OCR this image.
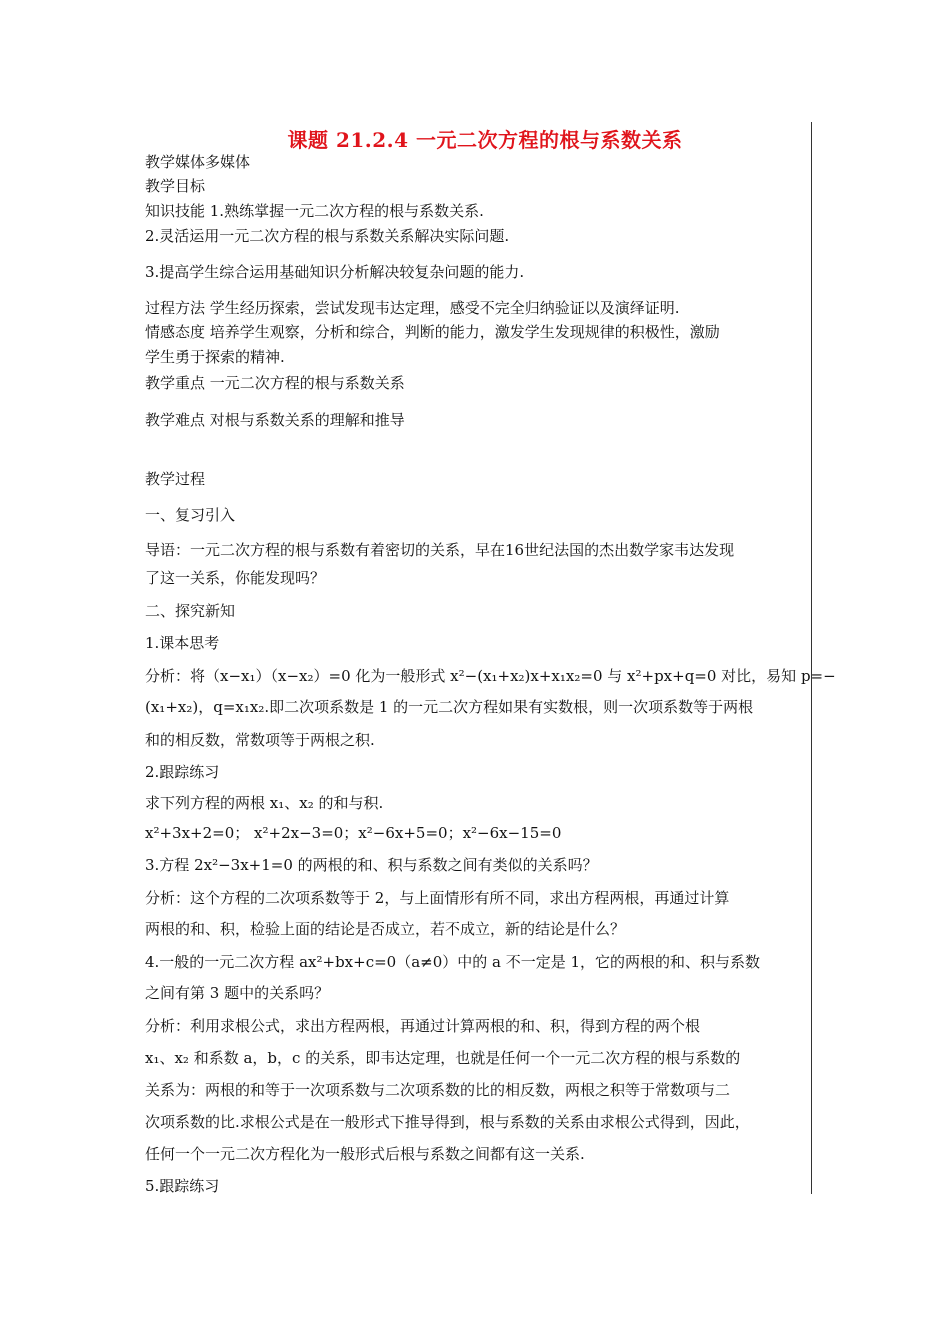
课题 21.2.4 一元二次方程的根与系数关系
教学媒体多媒体
教学目标
知识技能 1.熟练掌握一元二次方程的根与系数关系.
2.灵活运用一元二次方程的根与系数关系解决实际问题.
3.提高学生综合运用基础知识分析解决较复杂问题的能力.
过程方法 学生经历探索，尝试发现韦达定理，感受不完全归纳验证以及演绎证明.
情感态度 培养学生观察，分析和综合，判断的能力，激发学生发现规律的积极性，激励
学生勇于探索的精神.
教学重点 一元二次方程的根与系数关系
教学难点 对根与系数关系的理解和推导
教学过程
一、复习引入
导语：一元二次方程的根与系数有着密切的关系，早在16世纪法国的杰出数学家韦达发现
了这一关系，你能发现吗？
二、探究新知
1.课本思考
分析：将（x−x₁）（x−x₂）=0 化为一般形式 x²−(x₁+x₂)x+x₁x₂=0 与 x²+px+q=0 对比，易知 p=−
(x₁+x₂)，q=x₁x₂.即二次项系数是 1 的一元二次方程如果有实数根，则一次项系数等于两根
和的相反数，常数项等于两根之积.
2.跟踪练习
求下列方程的两根 x₁、x₂ 的和与积.
x²+3x+2=0； x²+2x−3=0；x²−6x+5=0；x²−6x−15=0
3.方程 2x²−3x+1=0 的两根的和、积与系数之间有类似的关系吗？
分析：这个方程的二次项系数等于 2，与上面情形有所不同，求出方程两根，再通过计算
两根的和、积，检验上面的结论是否成立，若不成立，新的结论是什么？
4.一般的一元二次方程 ax²+bx+c=0（a≠0）中的 a 不一定是 1，它的两根的和、积与系数
之间有第 3 题中的关系吗？
分析：利用求根公式，求出方程两根，再通过计算两根的和、积，得到方程的两个根
x₁、x₂ 和系数 a，b，c 的关系，即韦达定理，也就是任何一个一元二次方程的根与系数的
关系为：两根的和等于一次项系数与二次项系数的比的相反数，两根之积等于常数项与二
次项系数的比.求根公式是在一般形式下推导得到，根与系数的关系由求根公式得到，因此，
任何一个一元二次方程化为一般形式后根与系数之间都有这一关系.
5.跟踪练习
